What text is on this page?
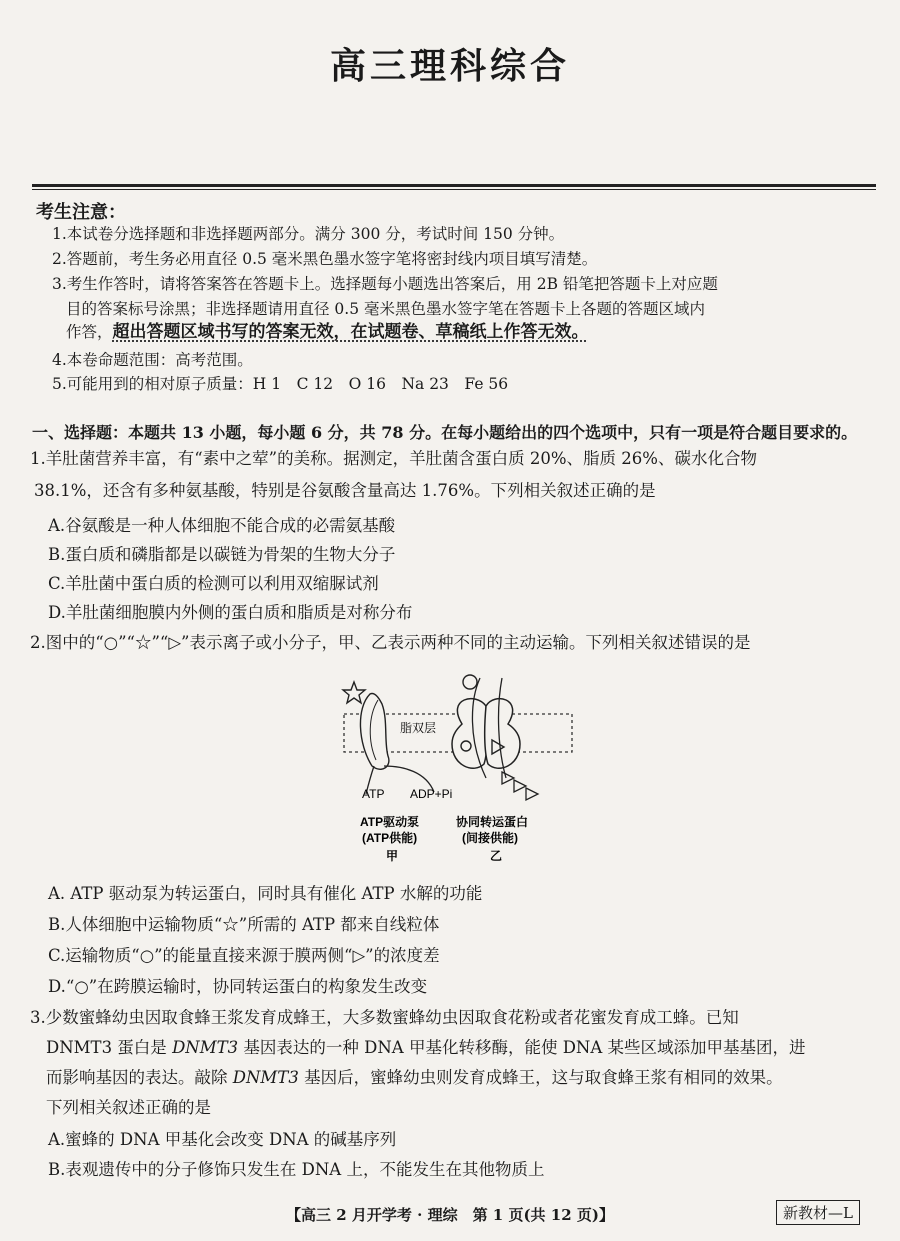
高三理科综合
考生注意：
1.本试卷分选择题和非选择题两部分。满分 300 分，考试时间 150 分钟。
2.答题前，考生务必用直径 0.5 毫米黑色墨水签字笔将密封线内项目填写清楚。
3.考生作答时，请将答案答在答题卡上。选择题每小题选出答案后，用 2B 铅笔把答题卡上对应题
目的答案标号涂黑；非选择题请用直径 0.5 毫米黑色墨水签字笔在答题卡上各题的答题区域内
作答，超出答题区域书写的答案无效，在试题卷、草稿纸上作答无效。
4.本卷命题范围：高考范围。
5.可能用到的相对原子质量：H 1　C 12　O 16　Na 23　Fe 56
一、选择题：本题共 13 小题，每小题 6 分，共 78 分。在每小题给出的四个选项中，只有一项是符合题目要求的。
1.羊肚菌营养丰富，有“素中之荤”的美称。据测定，羊肚菌含蛋白质 20%、脂质 26%、碳水化合物
38.1%，还含有多种氨基酸，特别是谷氨酸含量高达 1.76%。下列相关叙述正确的是
A.谷氨酸是一种人体细胞不能合成的必需氨基酸
B.蛋白质和磷脂都是以碳链为骨架的生物大分子
C.羊肚菌中蛋白质的检测可以利用双缩脲试剂
D.羊肚菌细胞膜内外侧的蛋白质和脂质是对称分布
2.图中的“○”“☆”“▷”表示离子或小分子，甲、乙表示两种不同的主动运输。下列相关叙述错误的是
脂双层
ATP ADP+Pi
ATP驱动泵
(ATP供能)
甲
协同转运蛋白
(间接供能)
乙
A. ATP 驱动泵为转运蛋白，同时具有催化 ATP 水解的功能
B.人体细胞中运输物质“☆”所需的 ATP 都来自线粒体
C.运输物质“○”的能量直接来源于膜两侧“▷”的浓度差
D.“○”在跨膜运输时，协同转运蛋白的构象发生改变
3.少数蜜蜂幼虫因取食蜂王浆发育成蜂王，大多数蜜蜂幼虫因取食花粉或者花蜜发育成工蜂。已知
DNMT3 蛋白是 DNMT3 基因表达的一种 DNA 甲基化转移酶，能使 DNA 某些区域添加甲基基团，进
而影响基因的表达。敲除 DNMT3 基因后，蜜蜂幼虫则发育成蜂王，这与取食蜂王浆有相同的效果。
下列相关叙述正确的是
A.蜜蜂的 DNA 甲基化会改变 DNA 的碱基序列
B.表观遗传中的分子修饰只发生在 DNA 上，不能发生在其他物质上
【高三 2 月开学考 · 理综　第 1 页(共 12 页)】	新教材—L
